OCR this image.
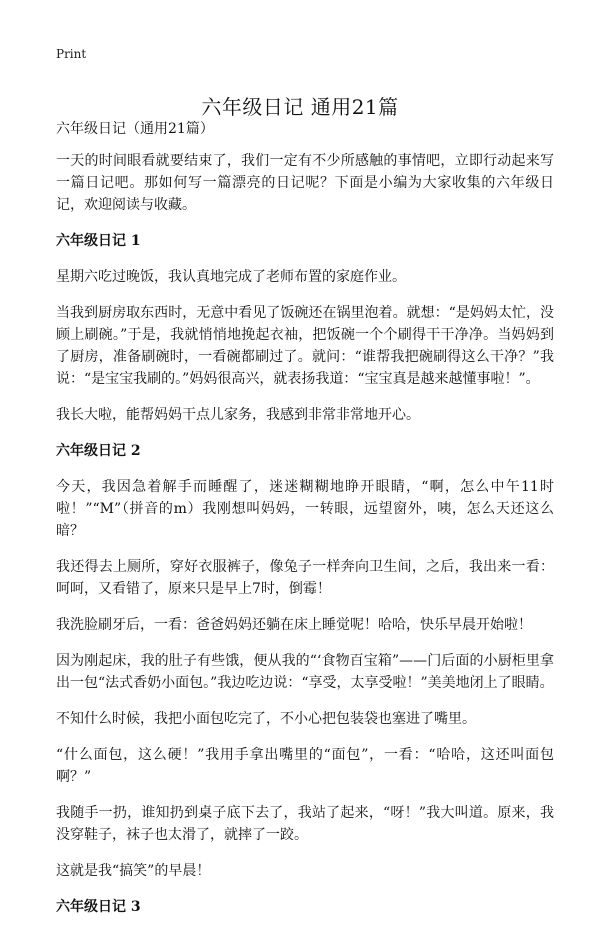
Print
六年级日记 通用21篇

六年级日记（通用21篇）

一天的时间眼看就要结束了，我们一定有不少所感触的事情吧，立即行动起来写一篇日记吧。那如何写一篇漂亮的日记呢？下面是小编为大家收集的六年级日记，欢迎阅读与收藏。

六年级日记 1

星期六吃过晚饭，我认真地完成了老师布置的家庭作业。

当我到厨房取东西时，无意中看见了饭碗还在锅里泡着。就想：“是妈妈太忙，没顾上刷碗。”于是，我就悄悄地挽起衣袖，把饭碗一个个刷得干干净净。当妈妈到了厨房，准备刷碗时，一看碗都刷过了。就问：“谁帮我把碗刷得这么干净？”我说：“是宝宝我刷的。”妈妈很高兴，就表扬我道：“宝宝真是越来越懂事啦！”。

我长大啦，能帮妈妈干点儿家务，我感到非常非常地开心。

六年级日记 2

今天，我因急着解手而睡醒了，迷迷糊糊地睁开眼睛，“啊，怎么中午11时啦！”“M”（拼音的m）我刚想叫妈妈，一转眼，远望窗外，咦，怎么天还这么暗？

我还得去上厕所，穿好衣服裤子，像兔子一样奔向卫生间，之后，我出来一看：呵呵，又看错了，原来只是早上7时，倒霉！

我洗脸刷牙后，一看：爸爸妈妈还躺在床上睡觉呢！哈哈，快乐早晨开始啦！

因为刚起床，我的肚子有些饿，便从我的“‘食物百宝箱”——门后面的小厨柜里拿出一包“法式香奶小面包。”我边吃边说：“享受，太享受啦！”美美地闭上了眼睛。

不知什么时候，我把小面包吃完了，不小心把包装袋也塞进了嘴里。

“什么面包，这么硬！”我用手拿出嘴里的“面包”，一看：“哈哈，这还叫面包啊？”

我随手一扔，谁知扔到桌子底下去了，我站了起来，“呀！”我大叫道。原来，我没穿鞋子，袜子也太滑了，就摔了一跤。

这就是我“搞笑”的早晨！

六年级日记 3
